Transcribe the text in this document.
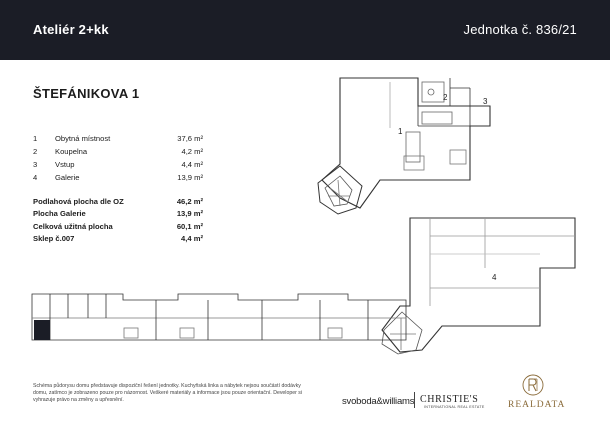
Ateliér 2+kk	Jednotka č. 836/21
ŠTEFÁNIKOVA 1
1 Obytná místnost	37,6 m²
2 Koupelna	4,2 m²
3 Vstup	4,4 m²
4 Galerie	13,9 m²
Podlahová plocha dle OZ	46,2 m²
Plocha Galerie	13,9 m²
Celková užitná plocha	60,1 m²
Sklep č.007	4,4 m²
1
2	3
4
Schéma půdorysu domu představuje dispoziční řešení jednotky. Kuchyňská linka a nábytek nejsou součástí dodávky domu, zatímco je zobrazeno pouze pro názornost. Veškeré materiály a informace jsou pouze orientační. Developer si vyhrazuje právo na změny a upřesnění.	svoboda&williams CHRISTIE'S
INTERNATIONAL REAL ESTATE REALDATA
